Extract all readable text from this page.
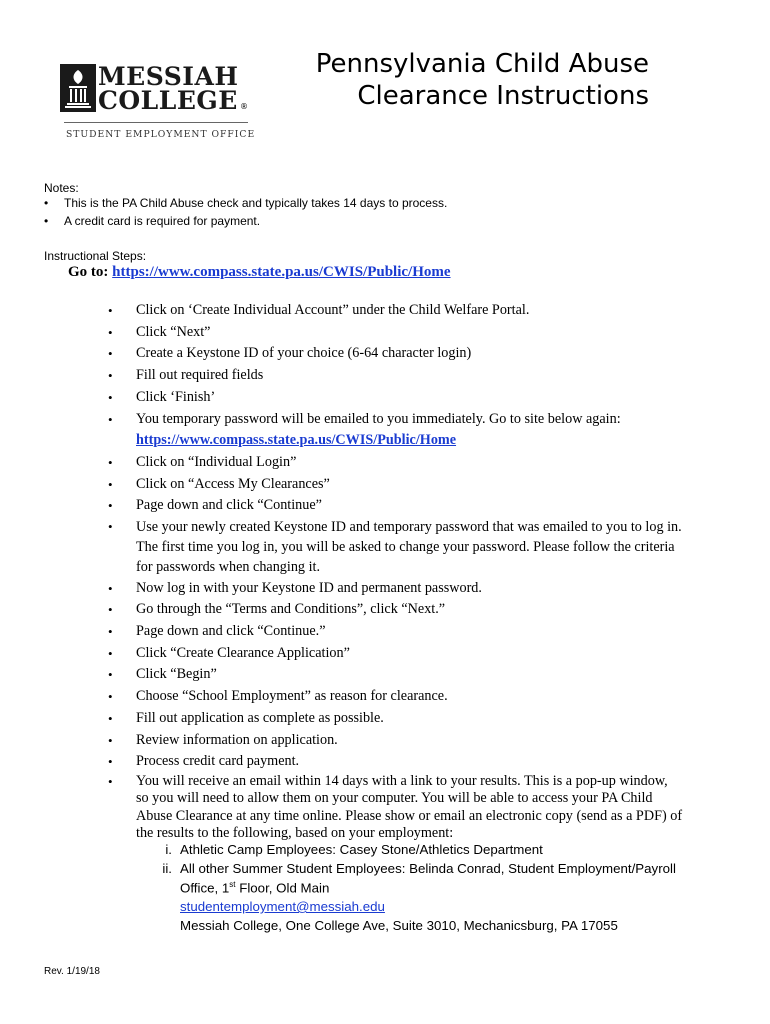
MESSIAH
COLLEGE ®
STUDENT EMPLOYMENT OFFICE
Pennsylvania Child Abuse
Clearance Instructions
Notes:
• This is the PA Child Abuse check and typically takes 14 days to process.
• A credit card is required for payment.
Instructional Steps:
Go to: https://www.compass.state.pa.us/CWIS/Public/Home
• Click on ‘Create Individual Account” under the Child Welfare Portal.
• Click “Next”
• Create a Keystone ID of your choice (6-64 character login)
• Fill out required fields
• Click ‘Finish’
• You temporary password will be emailed to you immediately. Go to site below again:
https://www.compass.state.pa.us/CWIS/Public/Home
• Click on “Individual Login”
• Click on “Access My Clearances”
• Page down and click “Continue”
• Use your newly created Keystone ID and temporary password that was emailed to you to log in.
The first time you log in, you will be asked to change your password. Please follow the criteria
for passwords when changing it.
• Now log in with your Keystone ID and permanent password.
• Go through the “Terms and Conditions”, click “Next.”
• Page down and click “Continue.”
• Click “Create Clearance Application”
• Click “Begin”
• Choose “School Employment” as reason for clearance.
• Fill out application as complete as possible.
• Review information on application.
• Process credit card payment.
• You will receive an email within 14 days with a link to your results. This is a pop-up window,
so you will need to allow them on your computer. You will be able to access your PA Child
Abuse Clearance at any time online. Please show or email an electronic copy (send as a PDF) of
the results to the following, based on your employment:
i. Athletic Camp Employees: Casey Stone/Athletics Department
ii. All other Summer Student Employees: Belinda Conrad, Student Employment/Payroll
Office, 1st Floor, Old Main
studentemployment@messiah.edu
Messiah College, One College Ave, Suite 3010, Mechanicsburg, PA 17055
Rev. 1/19/18
